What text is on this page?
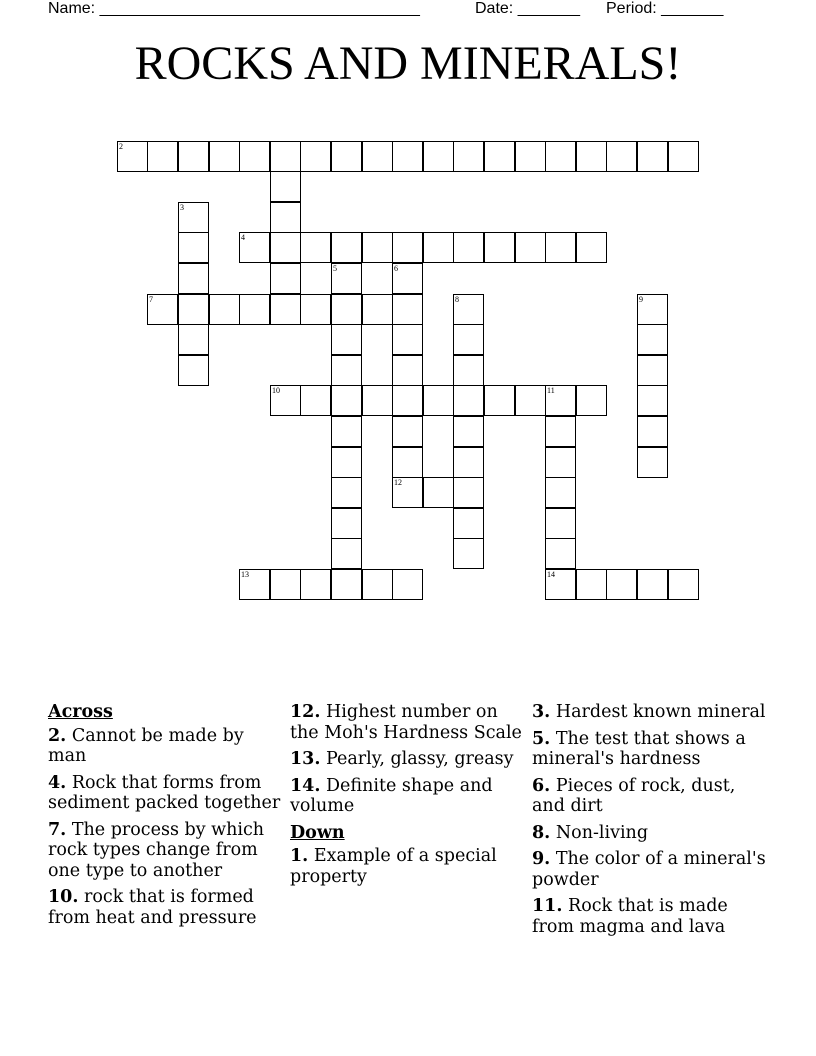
Name: ____________________________________	Date: _______ Period: _______
ROCKS AND MINERALS!
2
3
4
5	6
7	8	9
10	11
12
13	14
Across
2. Cannot be made by man
4. Rock that forms from sediment packed together
7. The process by which rock types change from one type to another
10. rock that is formed from heat and pressure
12. Highest number on the Moh's Hardness Scale
13. Pearly, glassy, greasy
14. Definite shape and volume
Down
1. Example of a special property
3. Hardest known mineral
5. The test that shows a mineral's hardness
6. Pieces of rock, dust, and dirt
8. Non-living
9. The color of a mineral's powder
11. Rock that is made from magma and lava
